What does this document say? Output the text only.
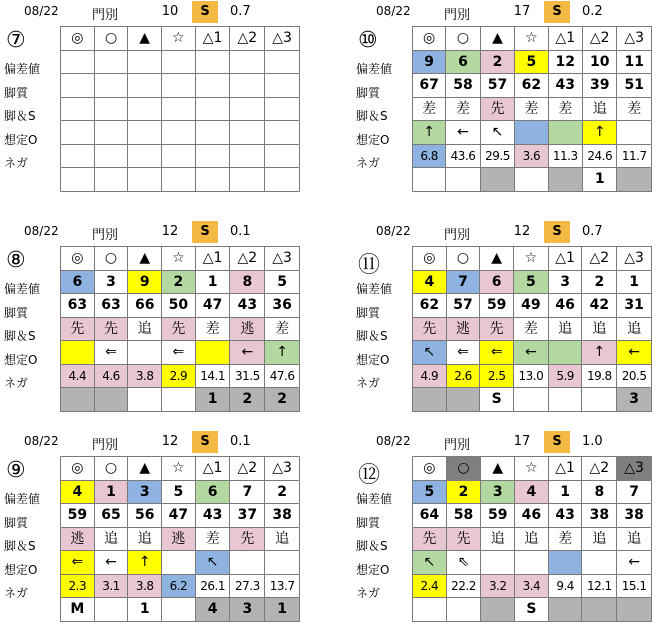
08/22	門別	10	S	0.7
⑦
偏差値
脚質
脚＆S
想定O
ネガ
◎	○	▲	☆	△1	△2	△3

08/22	門別	17	S	0.2
⑩
偏差値
脚質
脚＆S
想定O
ネガ
◎	○	▲	☆	△1	△2	△3
9	6	2	5	12	10	11
67	58	57	62	43	39	51
差	差	先	差	差	追	差
↑	←	↖			↑	
6.8	43.6	29.5	3.6	11.3	24.6	11.7
					1	
08/22	門別	12	S	0.1
⑧
偏差値
脚質
脚＆S
想定O
ネガ
◎	○	▲	☆	△1	△2	△3
6	3	9	2	1	8	5
63	63	66	50	47	43	36
先	先	追	先	差	逃	差
	⇐		⇐		←	↑
4.4	4.6	3.8	2.9	14.1	31.5	47.6
				1	2	2
08/22	門別	12	S	0.7
⑪
偏差値
脚質
脚＆S
想定O
ネガ
◎	○	▲	☆	△1	△2	△3
4	7	6	5	3	2	1
62	57	59	49	46	42	31
先	逃	先	差	追	追	追
↖	⇐	⇐	←		↑	←
4.9	2.6	2.5	13.0	5.9	19.8	20.5
		S				3
08/22	門別	12	S	0.1
⑨
偏差値
脚質
脚＆S
想定O
ネガ
◎	○	▲	☆	△1	△2	△3
4	1	3	5	6	7	2
59	65	56	47	43	37	38
逃	追	追	逃	差	先	追
⇐	←	↑		↖		
2.3	3.1	3.8	6.2	26.1	27.3	13.7
M		1		4	3	1
08/22	門別	17	S	1.0
⑫
偏差値
脚質
脚＆S
想定O
ネガ
◎	○	▲	☆	△1	△2	△3
5	2	3	4	1	8	7
64	58	59	46	43	38	38
先	先	追	追	差	追	追
↖	⇖					←
2.4	22.2	3.2	3.4	9.4	12.1	15.1
			S			
